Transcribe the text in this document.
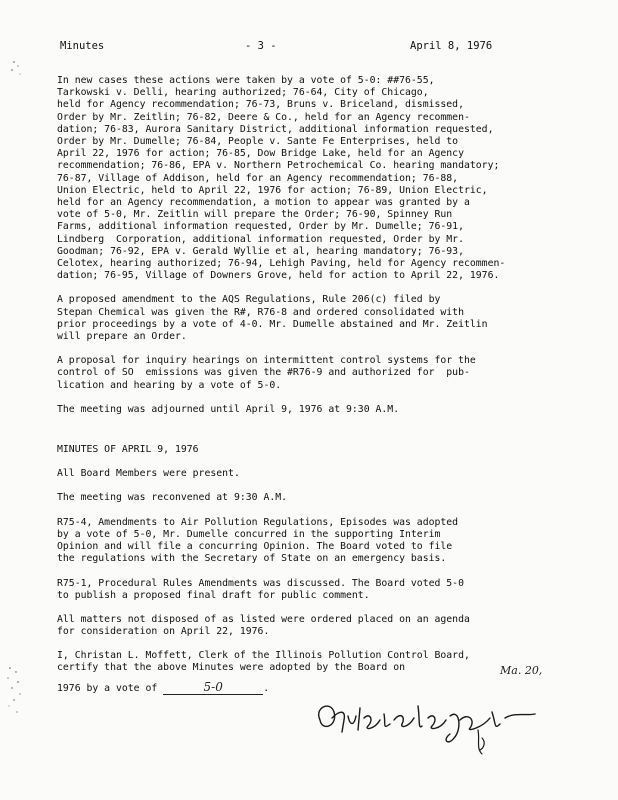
Minutes	- 3 -	April 8, 1976

In new cases these actions were taken by a vote of 5-0: ##76-55,
Tarkowski v. Delli, hearing authorized; 76-64, City of Chicago,
held for Agency recommendation; 76-73, Bruns v. Briceland, dismissed,
Order by Mr. Zeitlin; 76-82, Deere & Co., held for an Agency recommen-
dation; 76-83, Aurora Sanitary District, additional information requested,
Order by Mr. Dumelle; 76-84, People v. Sante Fe Enterprises, held to
April 22, 1976 for action; 76-85, Dow Bridge Lake, held for an Agency
recommendation; 76-86, EPA v. Northern Petrochemical Co. hearing mandatory;
76-87, Village of Addison, held for an Agency recommendation; 76-88,
Union Electric, held to April 22, 1976 for action; 76-89, Union Electric,
held for an Agency recommendation, a motion to appear was granted by a
vote of 5-0, Mr. Zeitlin will prepare the Order; 76-90, Spinney Run
Farms, additional information requested, Order by Mr. Dumelle; 76-91,
Lindberg  Corporation, additional information requested, Order by Mr.
Goodman; 76-92, EPA v. Gerald Wyllie et al, hearing mandatory; 76-93,
Celotex, hearing authorized; 76-94, Lehigh Paving, held for Agency recommen-
dation; 76-95, Village of Downers Grove, held for action to April 22, 1976.

A proposed amendment to the AQS Regulations, Rule 206(c) filed by
Stepan Chemical was given the R#, R76-8 and ordered consolidated with
prior proceedings by a vote of 4-0. Mr. Dumelle abstained and Mr. Zeitlin
will prepare an Order.

A proposal for inquiry hearings on intermittent control systems for the
control of SO  emissions was given the #R76-9 and authorized for  pub-
lication and hearing by a vote of 5-0.

The meeting was adjourned until April 9, 1976 at 9:30 A.M.

MINUTES OF APRIL 9, 1976

All Board Members were present.

The meeting was reconvened at 9:30 A.M.

R75-4, Amendments to Air Pollution Regulations, Episodes was adopted
by a vote of 5-0, Mr. Dumelle concurred in the supporting Interim
Opinion and will file a concurring Opinion. The Board voted to file
the regulations with the Secretary of State on an emergency basis.

R75-1, Procedural Rules Amendments was discussed. The Board voted 5-0
to publish a proposed final draft for public comment.

All matters not disposed of as listed were ordered placed on an agenda
for consideration on April 22, 1976.

I, Christan L. Moffett, Clerk of the Illinois Pollution Control Board,
certify that the above Minutes were adopted by the Board on	Ma. 20,
1976 by a vote of	5-0	.
